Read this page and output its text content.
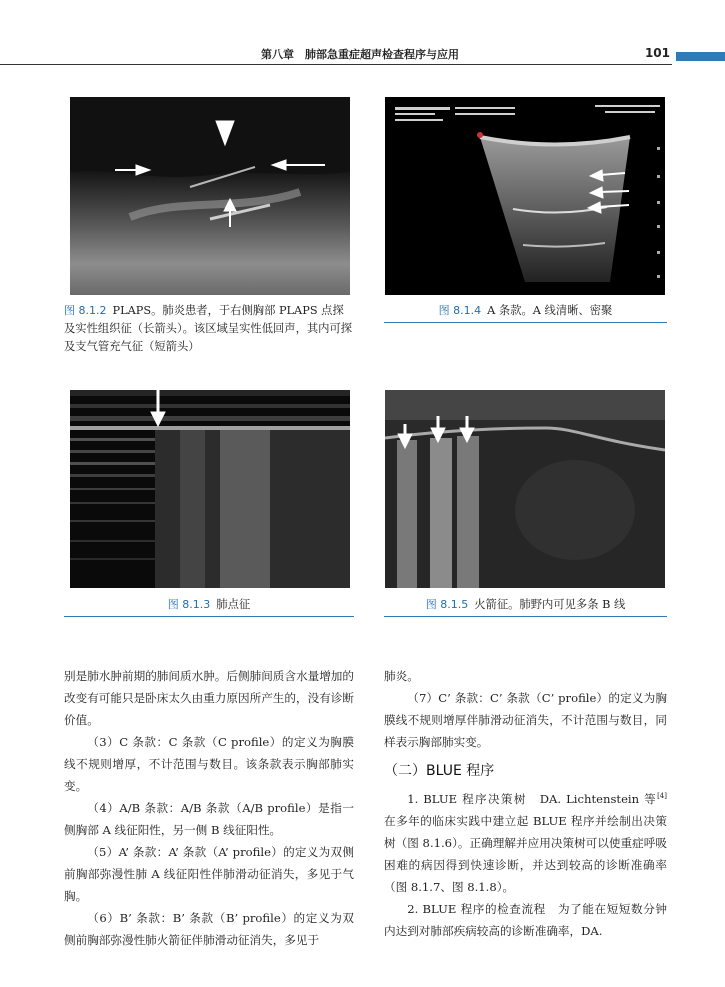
第八章　肺部急重症超声检查程序与应用	101
图 8.1.2 PLAPS。肺炎患者，于右侧胸部 PLAPS 点探及实性组织征（长箭头）。该区域呈实性低回声，其内可探及支气管充气征（短箭头）
图 8.1.4 A 条款。A 线清晰、密聚
图 8.1.3 肺点征	图 8.1.5 火箭征。肺野内可见多条 B 线

别是肺水肿前期的肺间质水肿。后侧肺间质含水量增加的改变有可能只是卧床太久由重力原因所产生的，没有诊断价值。

（3）C 条款：C 条款（C profile）的定义为胸膜线不规则增厚，不计范围与数目。该条款表示胸部肺实变。

（4）A/B 条款：A/B 条款（A/B profile）是指一侧胸部 A 线征阳性，另一侧 B 线征阳性。

（5）A’ 条款：A’ 条款（A’ profile）的定义为双侧前胸部弥漫性肺 A 线征阳性伴肺滑动征消失，多见于气胸。

（6）B’ 条款：B’ 条款（B’ profile）的定义为双侧前胸部弥漫性肺火箭征伴肺滑动征消失，多见于

肺炎。

（7）C’ 条款：C’ 条款（C’ profile）的定义为胸膜线不规则增厚伴肺滑动征消失，不计范围与数目，同样表示胸部肺实变。

（二）BLUE 程序

1. BLUE 程序决策树　DA. Lichtenstein 等[4] 在多年的临床实践中建立起 BLUE 程序并绘制出决策树（图 8.1.6）。正确理解并应用决策树可以使重症呼吸困难的病因得到快速诊断，并达到较高的诊断准确率（图 8.1.7、图 8.1.8）。

2. BLUE 程序的检查流程　为了能在短短数分钟内达到对肺部疾病较高的诊断准确率，DA.
